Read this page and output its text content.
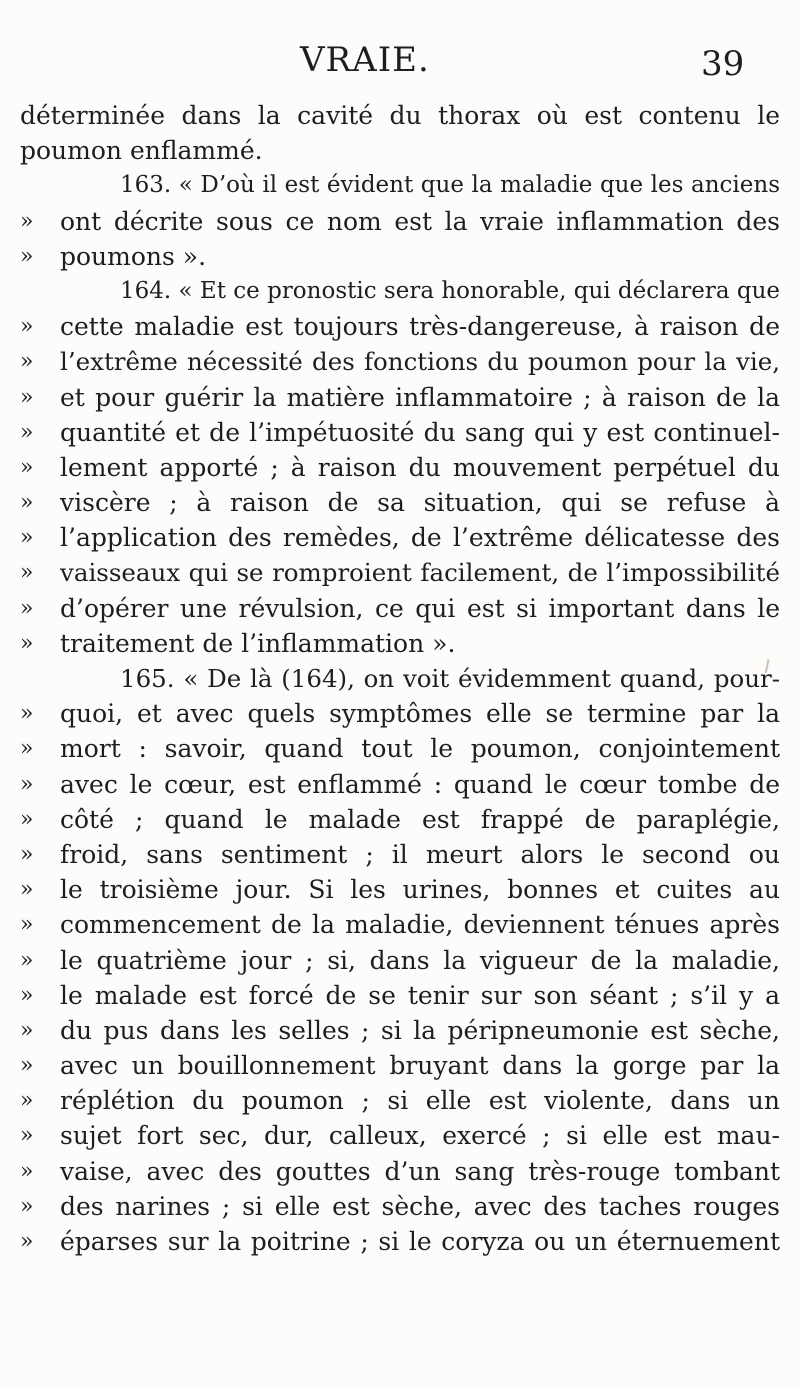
VRAIE.	39
déterminée dans la cavité du thorax où est contenu le
poumon enflammé.
163. « D’où il est évident que la maladie que les anciens
»	ont décrite sous ce nom est la vraie inflammation des
»	poumons ».
164. « Et ce pronostic sera honorable, qui déclarera que
»	cette maladie est toujours très-dangereuse, à raison de
»	l’extrême nécessité des fonctions du poumon pour la vie,
»	et pour guérir la matière inflammatoire ; à raison de la
»	quantité et de l’impétuosité du sang qui y est continuel-
»	lement apporté ; à raison du mouvement perpétuel du
»	viscère ; à raison de sa situation, qui se refuse à
»	l’application des remèdes, de l’extrême délicatesse des
»	vaisseaux qui se romproient facilement, de l’impossibilité
»	d’opérer une révulsion, ce qui est si important dans le
»	traitement de l’inflammation ».
165. « De là (164), on voit évidemment quand, pour-
»	quoi, et avec quels symptômes elle se termine par la
»	mort : savoir, quand tout le poumon, conjointement
»	avec le cœur, est enflammé : quand le cœur tombe de
»	côté ; quand le malade est frappé de paraplégie,
»	froid, sans sentiment ; il meurt alors le second ou
»	le troisième jour. Si les urines, bonnes et cuites au
»	commencement de la maladie, deviennent ténues après
»	le quatrième jour ; si, dans la vigueur de la maladie,
»	le malade est forcé de se tenir sur son séant ; s’il y a
»	du pus dans les selles ; si la péripneumonie est sèche,
»	avec un bouillonnement bruyant dans la gorge par la
»	réplétion du poumon ; si elle est violente, dans un
»	sujet fort sec, dur, calleux, exercé ; si elle est mau-
»	vaise, avec des gouttes d’un sang très-rouge tombant
»	des narines ; si elle est sèche, avec des taches rouges
»	éparses sur la poitrine ; si le coryza ou un éternuement
